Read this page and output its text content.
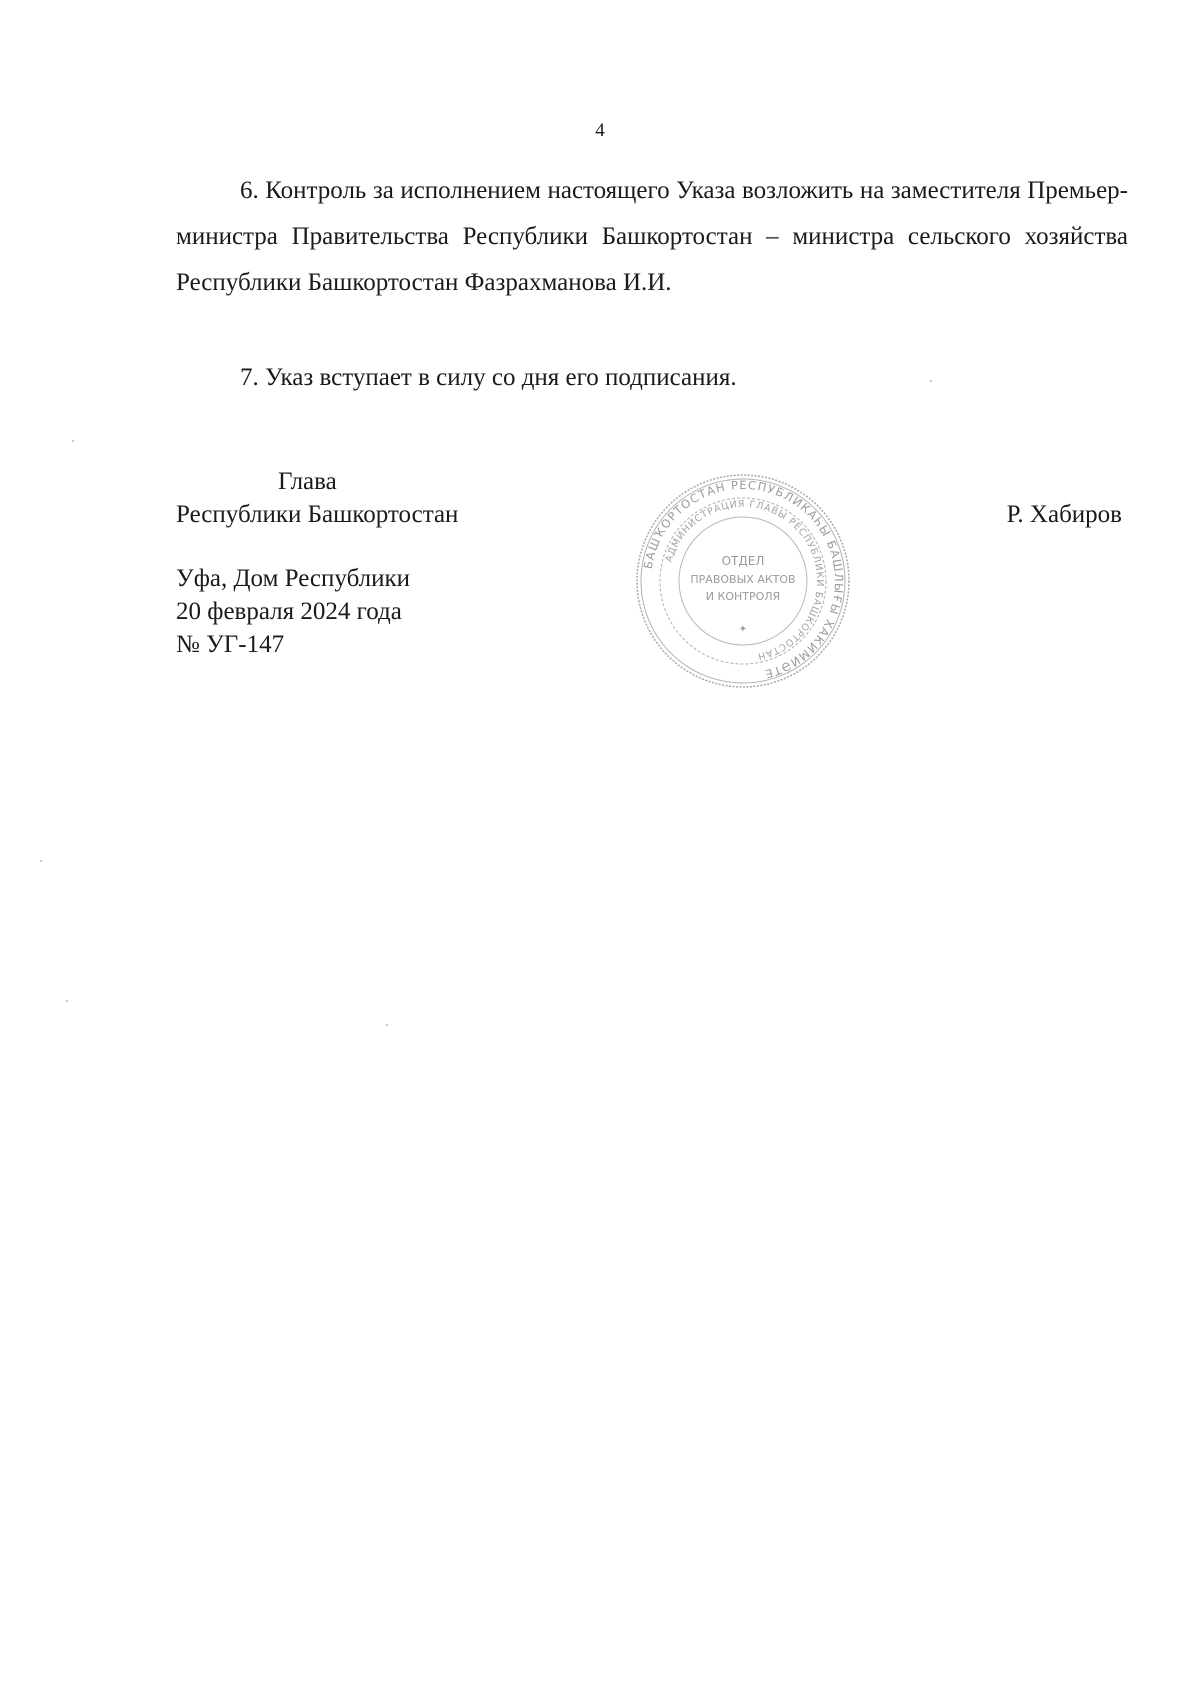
4

6. Контроль за исполнением настоящего Указа возложить на заместителя Премьер-министра Правительства Республики Башкортостан – министра сельского хозяйства Республики Башкортостан Фазрахманова И.И.

7. Указ вступает в силу со дня его подписания.

Глава
Республики Башкортостан	Р. Хабиров
Уфа, Дом Республики
20 февраля 2024 года
№ УГ-147
БАШҠОРТОСТАН РЕСПУБЛИКАҺЫ БАШЛЫҒЫ ХАКИМИӘТЕ
АДМИНИСТРАЦИЯ ГЛАВЫ РЕСПУБЛИКИ БАШКОРТОСТАН
ОТДЕЛ
ПРАВОВЫХ АКТОВ
И КОНТРОЛЯ
✦
